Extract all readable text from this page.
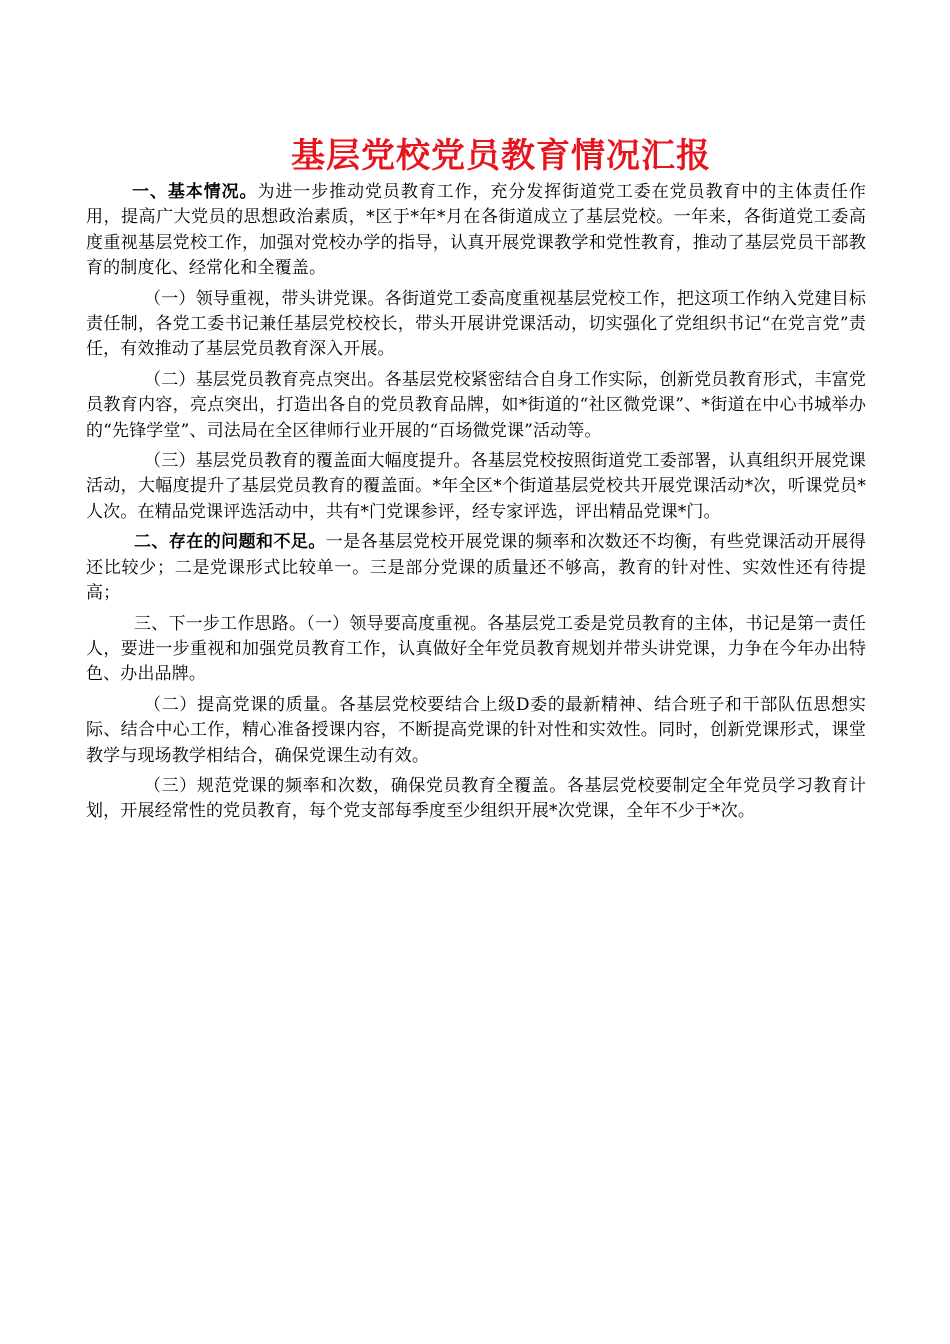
基层党校党员教育情况汇报

一、基本情况。为进一步推动党员教育工作，充分发挥街道党工委在党员教育中的主体责任作用，提高广大党员的思想政治素质，*区于*年*月在各街道成立了基层党校。一年来，各街道党工委高度重视基层党校工作，加强对党校办学的指导，认真开展党课教学和党性教育，推动了基层党员干部教育的制度化、经常化和全覆盖。

（一）领导重视，带头讲党课。各街道党工委高度重视基层党校工作，把这项工作纳入党建目标责任制，各党工委书记兼任基层党校校长，带头开展讲党课活动，切实强化了党组织书记“在党言党”责任，有效推动了基层党员教育深入开展。

（二）基层党员教育亮点突出。各基层党校紧密结合自身工作实际，创新党员教育形式，丰富党员教育内容，亮点突出，打造出各自的党员教育品牌，如*街道的“社区微党课”、*街道在中心书城举办的“先锋学堂”、司法局在全区律师行业开展的“百场微党课”活动等。

（三）基层党员教育的覆盖面大幅度提升。各基层党校按照街道党工委部署，认真组织开展党课活动，大幅度提升了基层党员教育的覆盖面。*年全区*个街道基层党校共开展党课活动*次，听课党员*人次。在精品党课评选活动中，共有*门党课参评，经专家评选，评出精品党课*门。

二、存在的问题和不足。一是各基层党校开展党课的频率和次数还不均衡，有些党课活动开展得还比较少；二是党课形式比较单一。三是部分党课的质量还不够高，教育的针对性、实效性还有待提高；

三、下一步工作思路。（一）领导要高度重视。各基层党工委是党员教育的主体，书记是第一责任人，要进一步重视和加强党员教育工作，认真做好全年党员教育规划并带头讲党课，力争在今年办出特色、办出品牌。

（二）提高党课的质量。各基层党校要结合上级D委的最新精神、结合班子和干部队伍思想实际、结合中心工作，精心准备授课内容，不断提高党课的针对性和实效性。同时，创新党课形式，课堂教学与现场教学相结合，确保党课生动有效。

（三）规范党课的频率和次数，确保党员教育全覆盖。各基层党校要制定全年党员学习教育计划，开展经常性的党员教育，每个党支部每季度至少组织开展*次党课，全年不少于*次。
